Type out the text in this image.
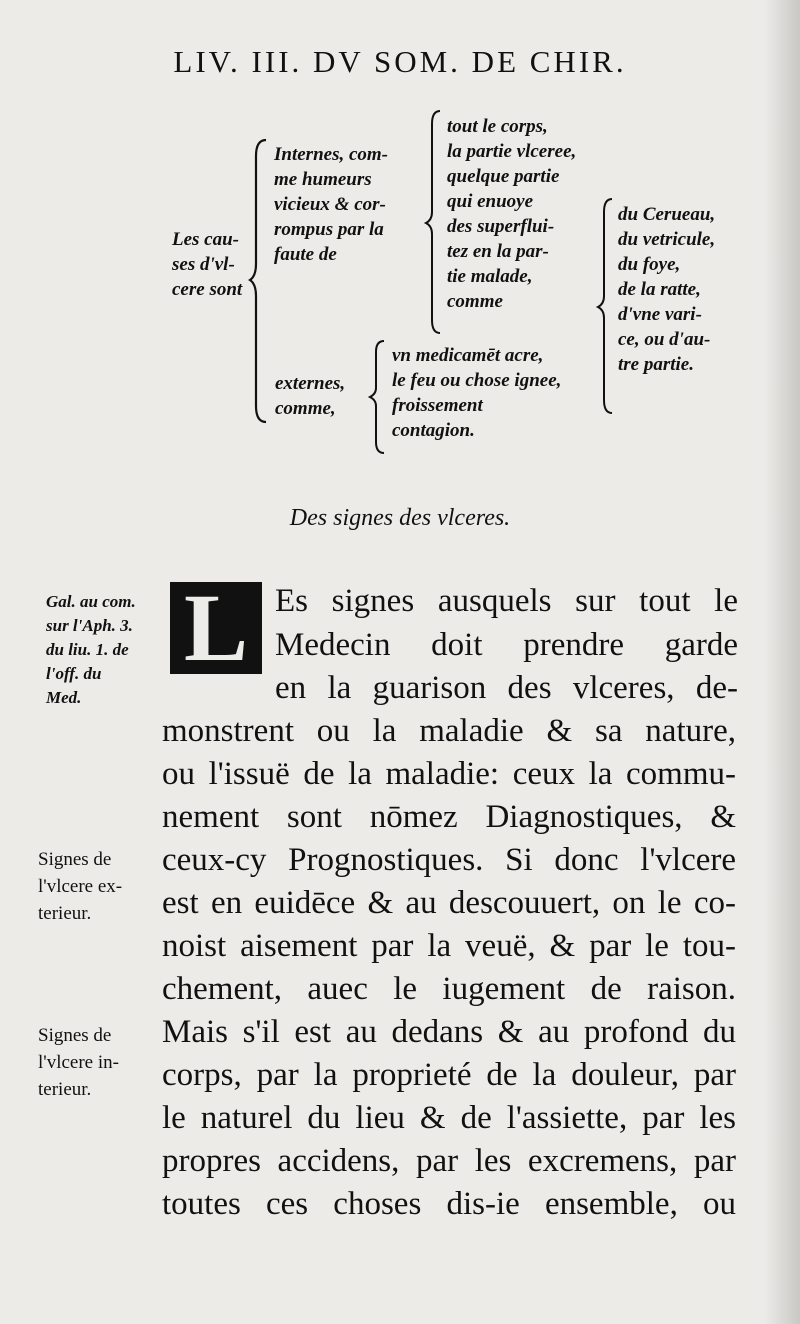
LIV. III. DV SOM. DE CHIR.
Les cau-
ses d'vl-
cere sont
Internes, com-
me humeurs
vicieux & cor-
rompus par la
faute de
tout le corps,
la partie vlceree,
quelque partie
qui enuoye
des superflui-
tez en la par-
tie malade,
comme
du Cerueau,
du vetricule,
du foye,
de la ratte,
d'vne vari-
ce, ou d'au-
tre partie.
externes,
comme,
vn medicamēt acre,
le feu ou chose ignee,
froissement
contagion.
Des signes des vlceres.
L Es signes ausquels sur tout le
Medecin doit prendre garde
en la guarison des vlceres, de-
monstrent ou la maladie & sa nature,
ou l'issuë de la maladie: ceux la commu-
nement sont nōmez Diagnostiques, &
ceux-cy Prognostiques. Si donc l'vlcere
est en euidēce & au descouuert, on le co-
noist aisement par la veuë, & par le tou-
chement, auec le iugement de raison.
Mais s'il est au dedans & au profond du
corps, par la proprieté de la douleur, par
le naturel du lieu & de l'assiette, par les
propres accidens, par les excremens, par
toutes ces choses dis-ie ensemble, ou
Gal. au com.
sur l'Aph. 3.
du liu. 1. de
l'off. du
Med.
Signes de
l'vlcere ex-
terieur.
Signes de
l'vlcere in-
terieur.
